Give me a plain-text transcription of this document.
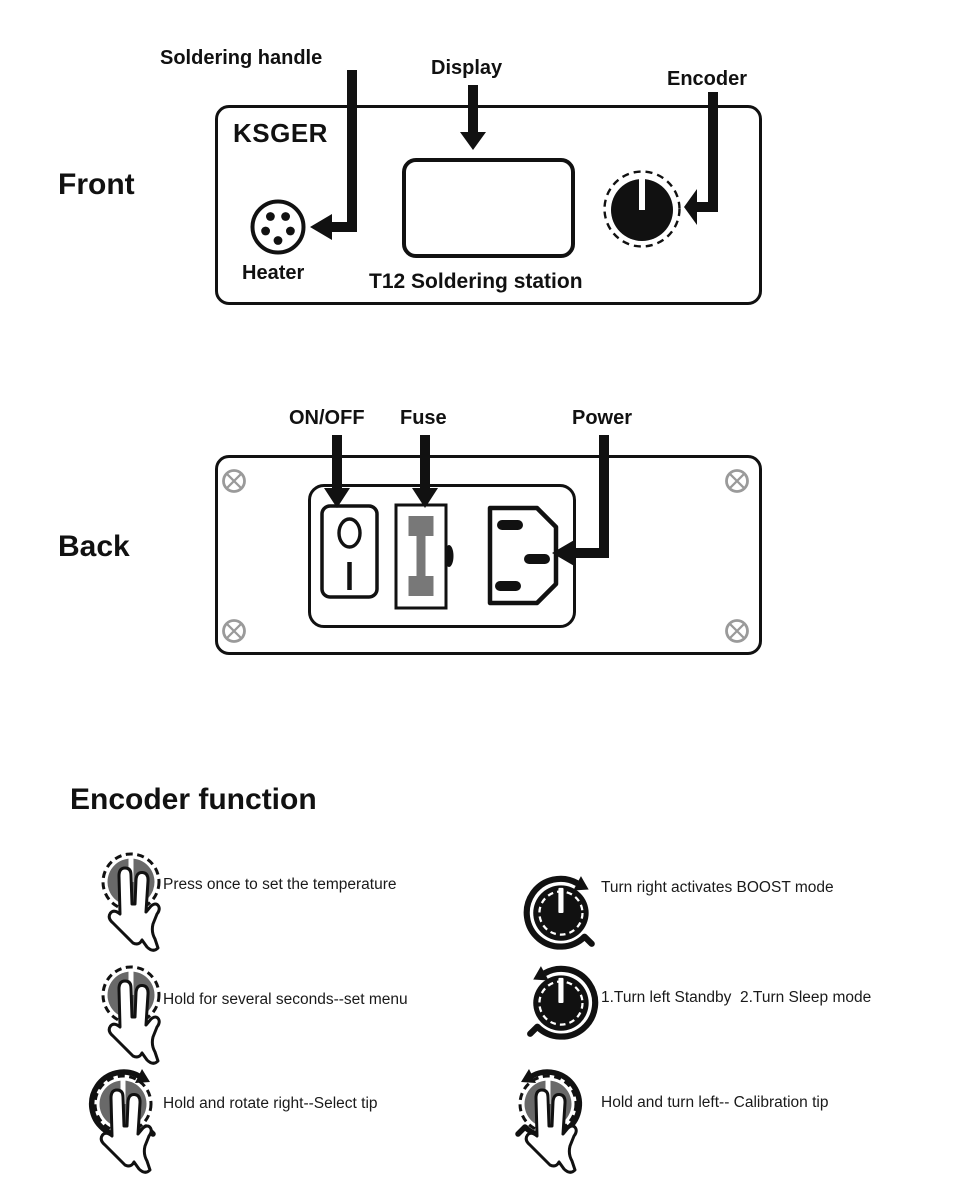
Soldering handle	Display	Encoder
Front
KSGER
T12 Soldering station
Heater
ON/OFF Fuse	Power
Back
Encoder function
Press once to set the temperature
Hold for several seconds--set menu
Hold and rotate right--Select tip
Turn right activates BOOST mode
1.Turn left Standby  2.Turn Sleep mode
Hold and turn left-- Calibration tip
